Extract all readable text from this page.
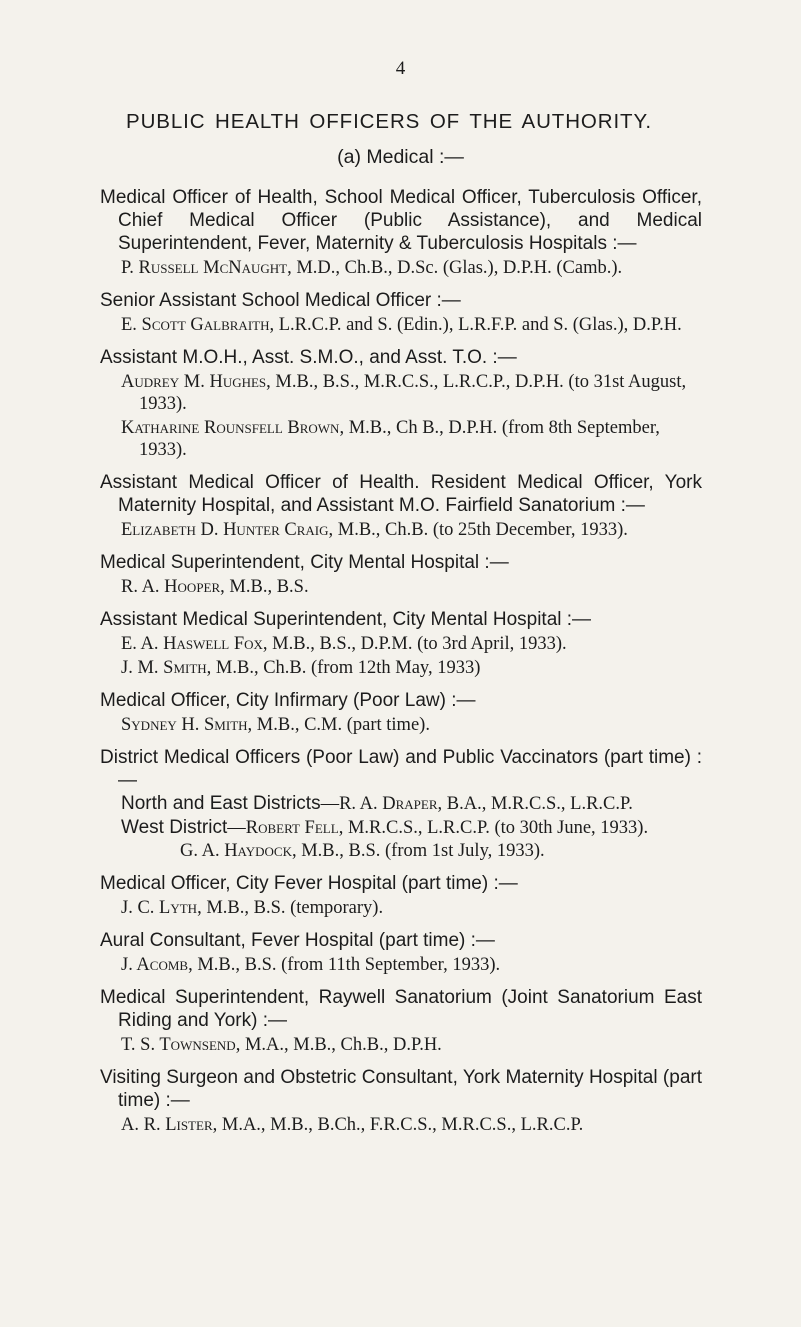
4
PUBLIC HEALTH OFFICERS OF THE AUTHORITY.
(a) Medical :—

Medical Officer of Health, School Medical Officer, Tuberculosis Officer, Chief Medical Officer (Public Assistance), and Medical Superintendent, Fever, Maternity & Tuberculosis Hospitals :—

P. Russell McNaught, M.D., Ch.B., D.Sc. (Glas.), D.P.H. (Camb.).

Senior Assistant School Medical Officer :—

E. Scott Galbraith, L.R.C.P. and S. (Edin.), L.R.F.P. and S. (Glas.), D.P.H.

Assistant M.O.H., Asst. S.M.O., and Asst. T.O. :—

Audrey M. Hughes, M.B., B.S., M.R.C.S., L.R.C.P., D.P.H. (to 31st August, 1933).

Katharine Rounsfell Brown, M.B., Ch B., D.P.H. (from 8th September, 1933).

Assistant Medical Officer of Health. Resident Medical Officer, York Maternity Hospital, and Assistant M.O. Fairfield Sanatorium :—

Elizabeth D. Hunter Craig, M.B., Ch.B. (to 25th December, 1933).

Medical Superintendent, City Mental Hospital :—

R. A. Hooper, M.B., B.S.

Assistant Medical Superintendent, City Mental Hospital :—

E. A. Haswell Fox, M.B., B.S., D.P.M. (to 3rd April, 1933).

J. M. Smith, M.B., Ch.B. (from 12th May, 1933)

Medical Officer, City Infirmary (Poor Law) :—

Sydney H. Smith, M.B., C.M. (part time).

District Medical Officers (Poor Law) and Public Vaccinators (part time) :—

North and East Districts—R. A. Draper, B.A., M.R.C.S., L.R.C.P.

West District—Robert Fell, M.R.C.S., L.R.C.P. (to 30th June, 1933).

G. A. Haydock, M.B., B.S. (from 1st July, 1933).

Medical Officer, City Fever Hospital (part time) :—

J. C. Lyth, M.B., B.S. (temporary).

Aural Consultant, Fever Hospital (part time) :—

J. Acomb, M.B., B.S. (from 11th September, 1933).

Medical Superintendent, Raywell Sanatorium (Joint Sanatorium East Riding and York) :—

T. S. Townsend, M.A., M.B., Ch.B., D.P.H.

Visiting Surgeon and Obstetric Consultant, York Maternity Hospital (part time) :—

A. R. Lister, M.A., M.B., B.Ch., F.R.C.S., M.R.C.S., L.R.C.P.
